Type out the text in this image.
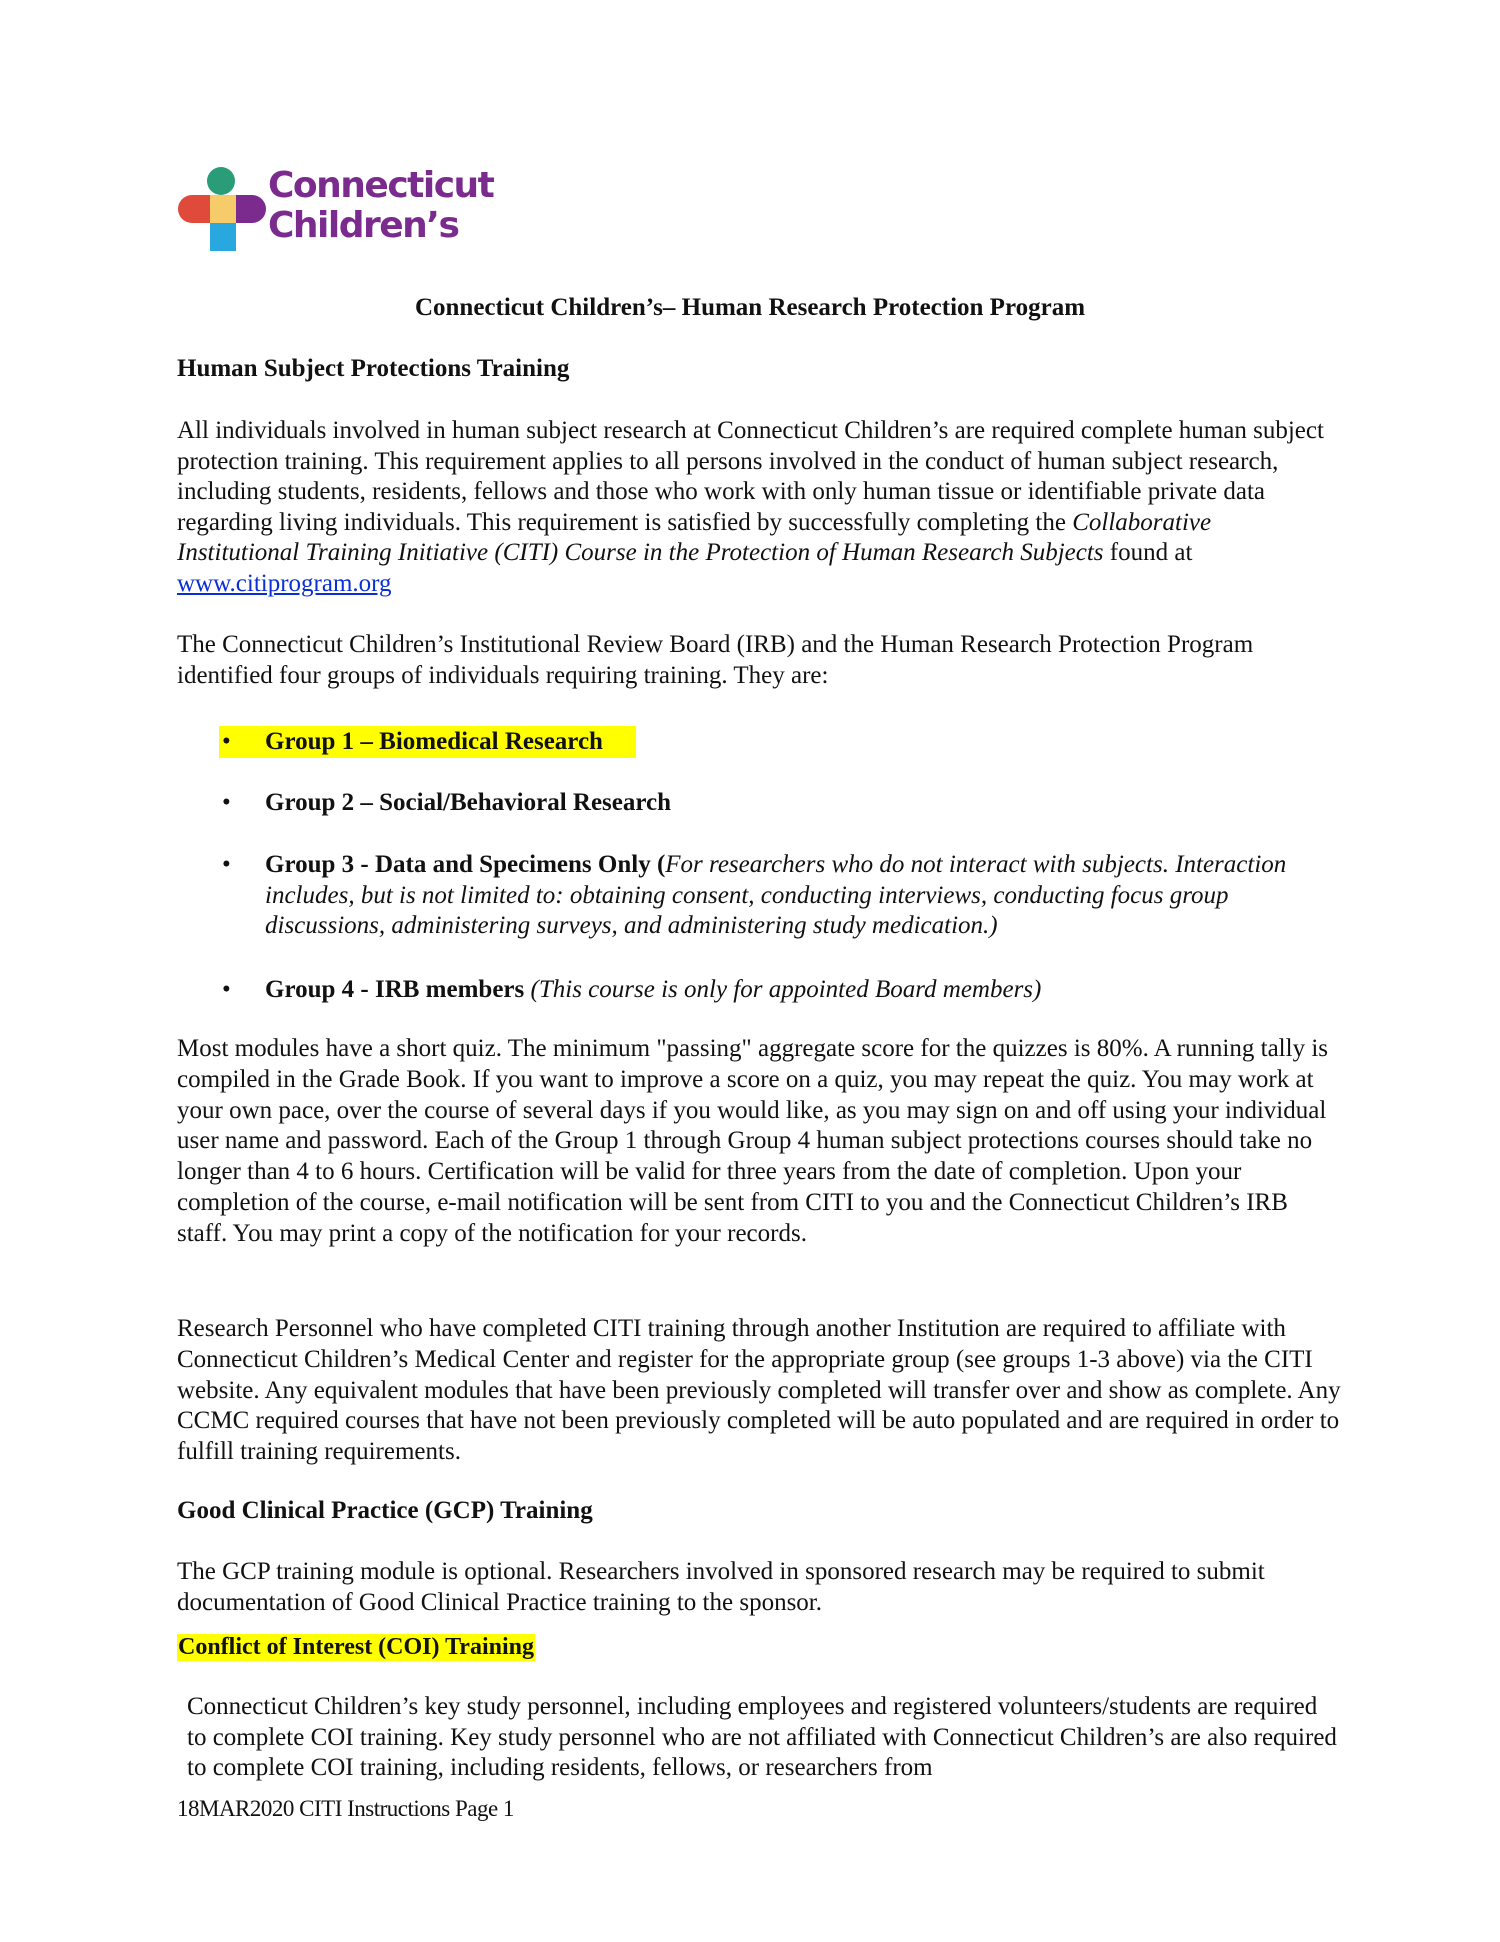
Connecticut
Children’s
Connecticut Children’s– Human Research Protection Program
Human Subject Protections Training
All individuals involved in human subject research at Connecticut Children’s are required complete human subject protection training. This requirement applies to all persons involved in the conduct of human subject research, including students, residents, fellows and those who work with only human tissue or identifiable private data regarding living individuals. This requirement is satisfied by successfully completing the Collaborative Institutional Training Initiative (CITI) Course in the Protection of Human Research Subjects found at www.citiprogram.org
The Connecticut Children’s Institutional Review Board (IRB) and the Human Research Protection Program identified four groups of individuals requiring training. They are:
• Group 1 – Biomedical Research
• Group 2 – Social/Behavioral Research
• Group 3 - Data and Specimens Only (For researchers who do not interact with subjects. Interaction includes, but is not limited to: obtaining consent, conducting interviews, conducting focus group discussions, administering surveys, and administering study medication.)
• Group 4 - IRB members (This course is only for appointed Board members)
Most modules have a short quiz. The minimum "passing" aggregate score for the quizzes is 80%. A running tally is compiled in the Grade Book. If you want to improve a score on a quiz, you may repeat the quiz. You may work at your own pace, over the course of several days if you would like, as you may sign on and off using your individual user name and password. Each of the Group 1 through Group 4 human subject protections courses should take no longer than 4 to 6 hours. Certification will be valid for three years from the date of completion. Upon your completion of the course, e-mail notification will be sent from CITI to you and the Connecticut Children’s IRB staff. You may print a copy of the notification for your records.
Research Personnel who have completed CITI training through another Institution are required to affiliate with Connecticut Children’s Medical Center and register for the appropriate group (see groups 1-3 above) via the CITI website. Any equivalent modules that have been previously completed will transfer over and show as complete. Any CCMC required courses that have not been previously completed will be auto populated and are required in order to fulfill training requirements.
Good Clinical Practice (GCP) Training
The GCP training module is optional. Researchers involved in sponsored research may be required to submit documentation of Good Clinical Practice training to the sponsor.
Conflict of Interest (COI) Training
Connecticut Children’s key study personnel, including employees and registered volunteers/students are required to complete COI training. Key study personnel who are not affiliated with Connecticut Children’s are also required to complete COI training, including residents, fellows, or researchers from
18MAR2020 CITI Instructions Page 1
